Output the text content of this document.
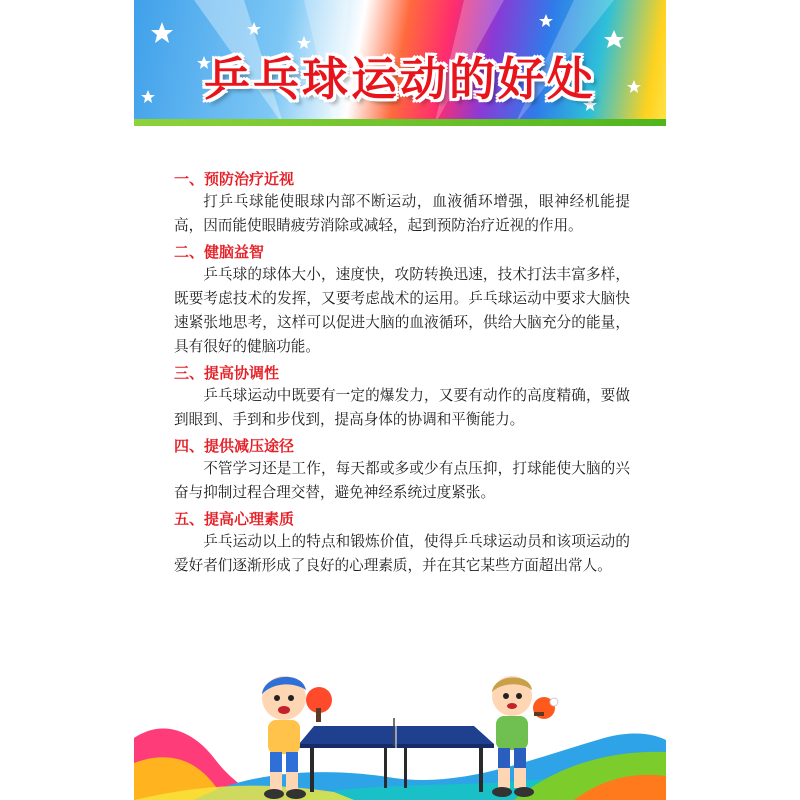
乒乓球运动的好处
一、预防治疗近视

打乒乓球能使眼球内部不断运动，血液循环增强，眼神经机能提高，因而能使眼睛疲劳消除或减轻，起到预防治疗近视的作用。

二、健脑益智

乒乓球的球体大小，速度快，攻防转换迅速，技术打法丰富多样，既要考虑技术的发挥，又要考虑战术的运用。乒乓球运动中要求大脑快速紧张地思考，这样可以促进大脑的血液循环，供给大脑充分的能量，具有很好的健脑功能。

三、提高协调性

乒乓球运动中既要有一定的爆发力，又要有动作的高度精确，要做到眼到、手到和步伐到，提高身体的协调和平衡能力。

四、提供减压途径

不管学习还是工作，每天都或多或少有点压抑，打球能使大脑的兴奋与抑制过程合理交替，避免神经系统过度紧张。

五、提高心理素质

乒乓运动以上的特点和锻炼价值，使得乒乓球运动员和该项运动的爱好者们逐渐形成了良好的心理素质，并在其它某些方面超出常人。
